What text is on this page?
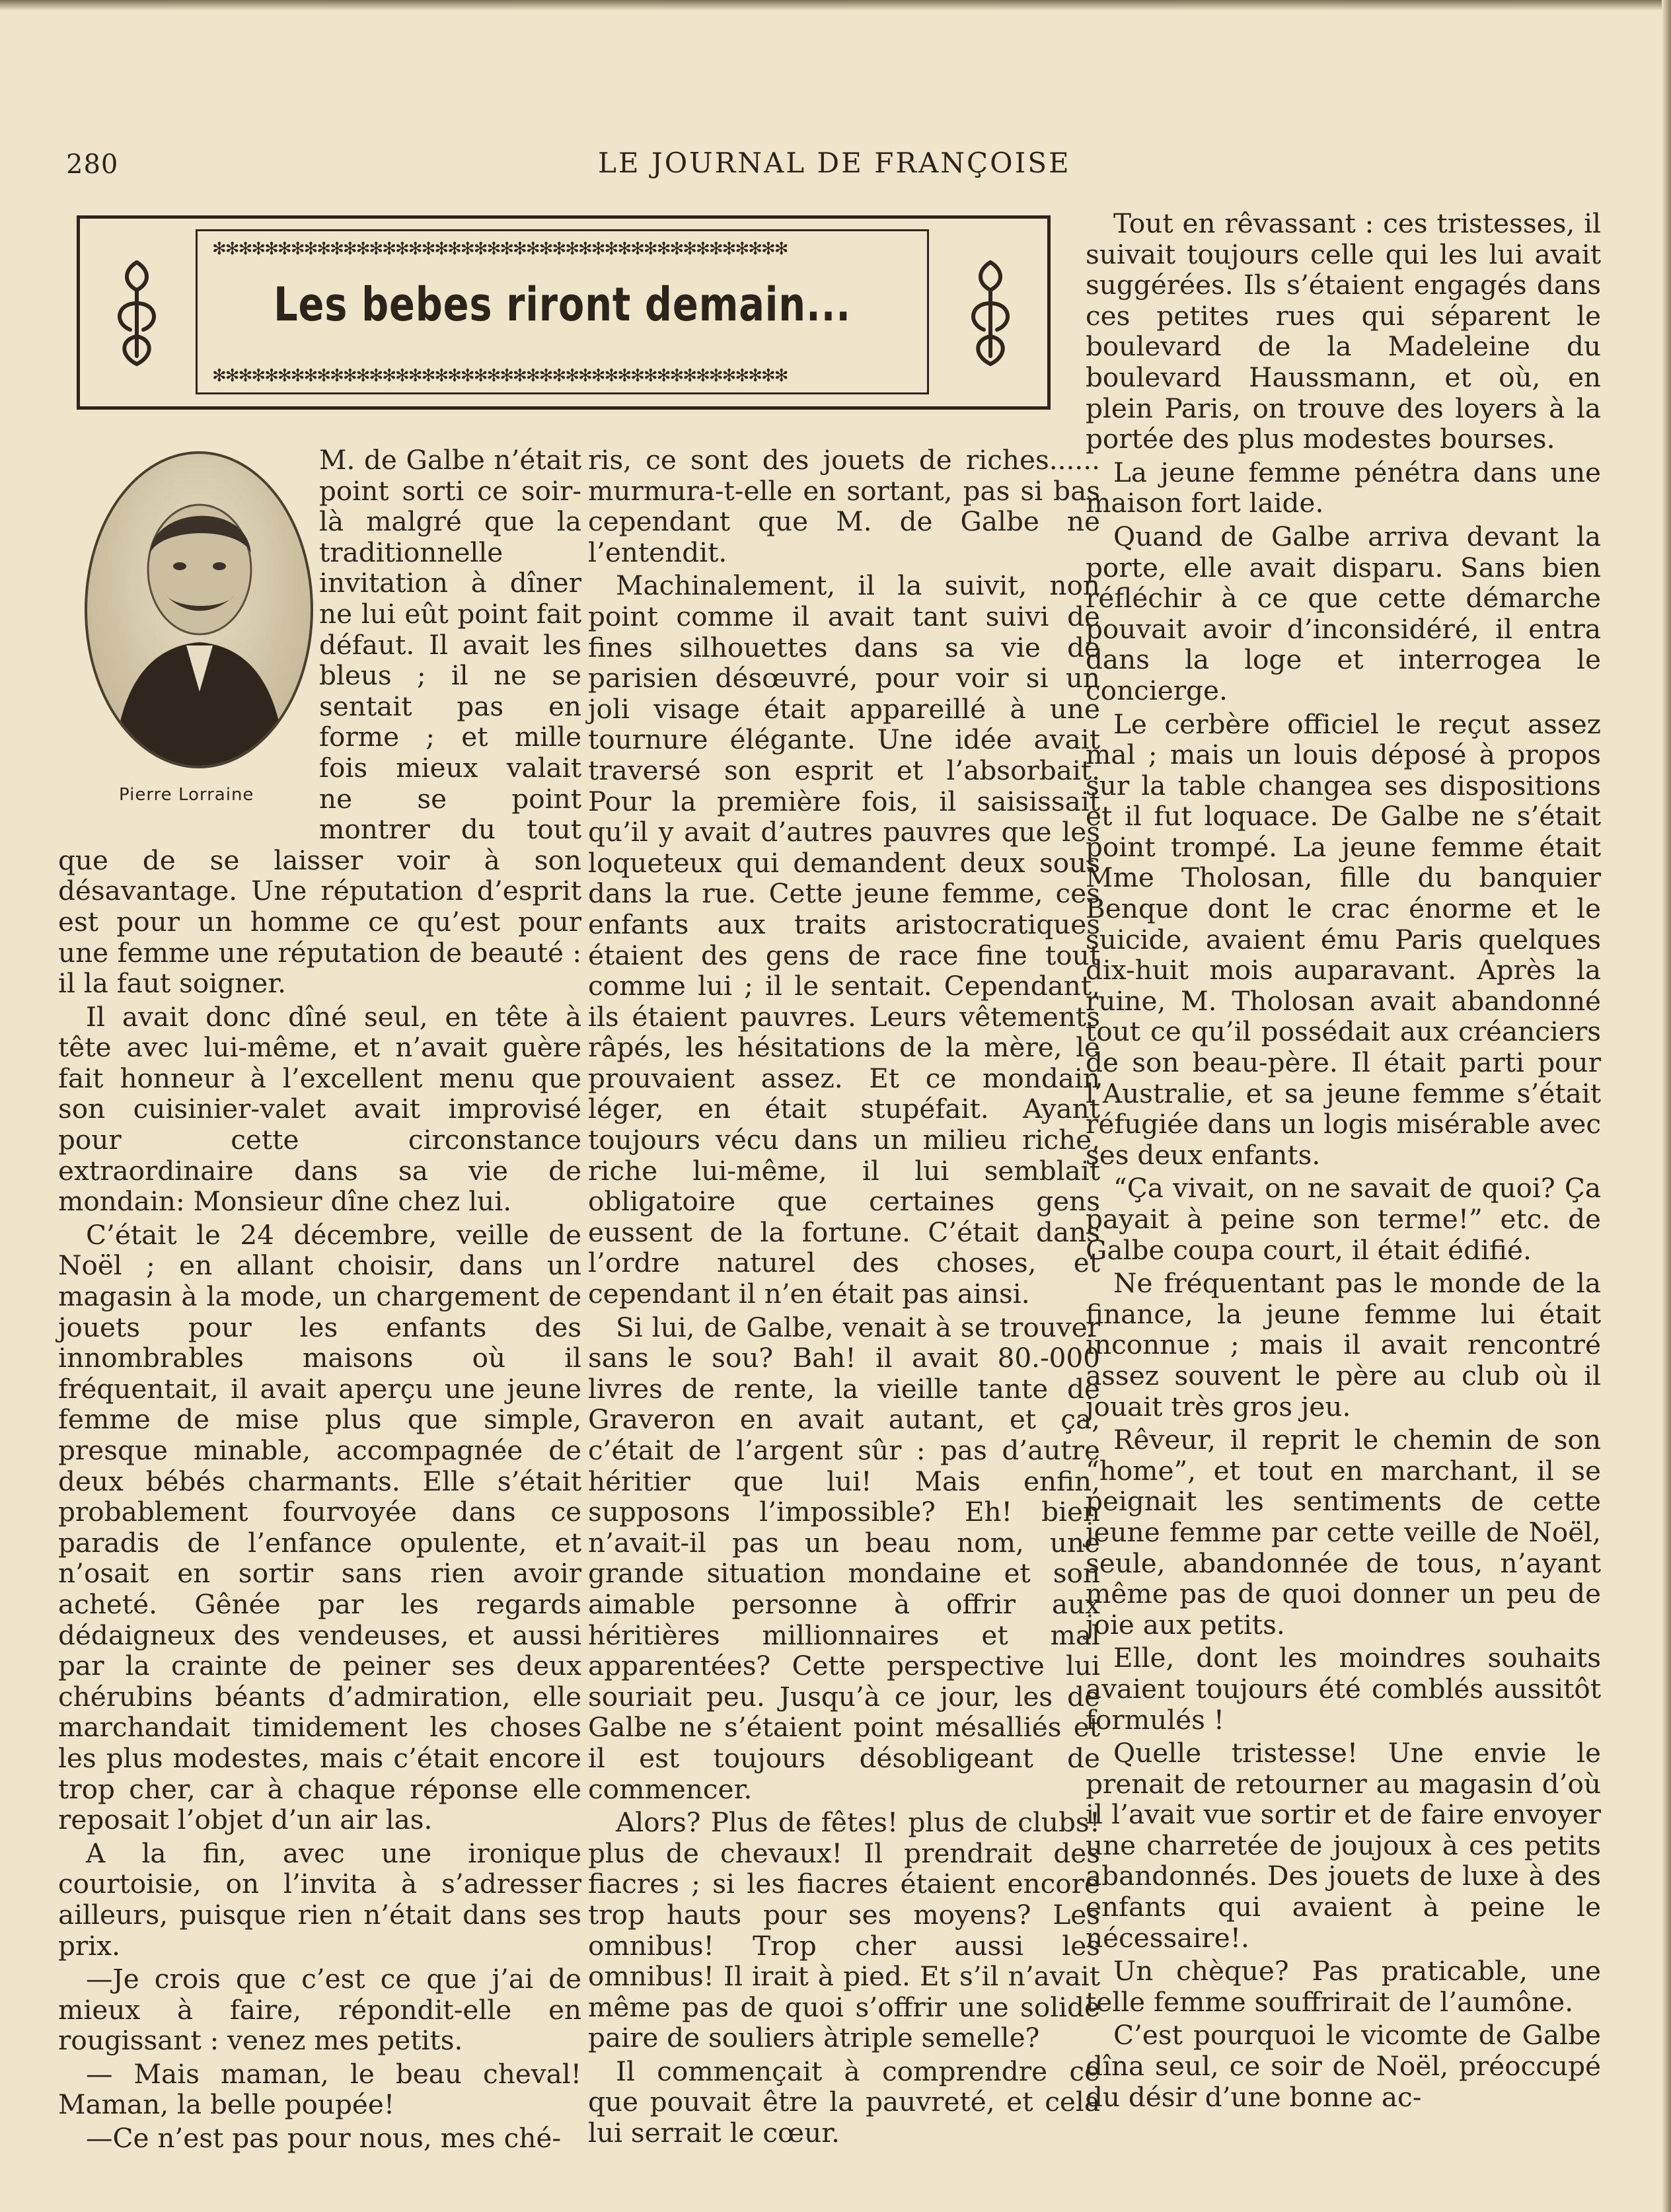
280	LE JOURNAL DE FRANÇOISE
✻✻✻✻✻✻✻✻✻✻✻✻✻✻✻✻✻✻✻✻✻✻✻✻✻✻✻✻✻✻✻✻✻✻✻✻✻✻✻✻✻✻✻✻
Les bebes riront demain...
✻✻✻✻✻✻✻✻✻✻✻✻✻✻✻✻✻✻✻✻✻✻✻✻✻✻✻✻✻✻✻✻✻✻✻✻✻✻✻✻✻✻✻✻
Pierre Lorraine

M. de Galbe n’était point sorti ce soir-là malgré que la traditionnelle invitation à dîner ne lui eût point fait défaut. Il avait les bleus ; il ne se sentait pas en forme ; et mille fois mieux valait ne se point montrer du tout que de se laisser voir à son désavantage. Une réputation d’esprit est pour un homme ce qu’est pour une femme une réputation de beauté : il la faut soigner.

Il avait donc dîné seul, en tête à tête avec lui-même, et n’avait guère fait honneur à l’excellent menu que son cuisinier-valet avait improvisé pour cette circonstance extraordinaire dans sa vie de mondain: Monsieur dîne chez lui.

C’était le 24 décembre, veille de Noël ; en allant choisir, dans un magasin à la mode, un chargement de jouets pour les enfants des innombrables maisons où il fréquentait, il avait aperçu une jeune femme de mise plus que simple, presque minable, accompagnée de deux bébés charmants. Elle s’était probablement fourvoyée dans ce paradis de l’enfance opulente, et n’osait en sortir sans rien avoir acheté. Gênée par les regards dédaigneux des vendeuses, et aussi par la crainte de peiner ses deux chérubins béants d’admiration, elle marchandait timidement les choses les plus modestes, mais c’était encore trop cher, car à chaque réponse elle reposait l’objet d’un air las.

A la fin, avec une ironique courtoisie, on l’invita à s’adresser ailleurs, puisque rien n’était dans ses prix.

—Je crois que c’est ce que j’ai de mieux à faire, répondit-elle en rougissant : venez mes petits.

— Mais maman, le beau cheval! Maman, la belle poupée!

—Ce n’est pas pour nous, mes ché-

ris, ce sont des jouets de riches...... murmura-t-elle en sortant, pas si bas cependant que M. de Galbe ne l’entendit.

Machinalement, il la suivit, non point comme il avait tant suivi de fines silhouettes dans sa vie de parisien désœuvré, pour voir si un joli visage était appareillé à une tournure élégante. Une idée avait traversé son esprit et l’absorbait. Pour la première fois, il saisissait qu’il y avait d’autres pauvres que les loqueteux qui demandent deux sous dans la rue. Cette jeune femme, ces enfants aux traits aristocratiques étaient des gens de race fine tout comme lui ; il le sentait. Cependant, ils étaient pauvres. Leurs vêtements râpés, les hésitations de la mère, le prouvaient assez. Et ce mondain léger, en était stupéfait. Ayant toujours vécu dans un milieu riche, riche lui-même, il lui semblait obligatoire que certaines gens eussent de la fortune. C’était dans l’ordre naturel des choses, et cependant il n’en était pas ainsi.

Si lui, de Galbe, venait à se trouver sans le sou? Bah! il avait 80.-000 livres de rente, la vieille tante de Graveron en avait autant, et ça, c’était de l’argent sûr : pas d’autre héritier que lui! Mais enfin, supposons l’impossible? Eh! bien n’avait-il pas un beau nom, une grande situation mondaine et son aimable personne à offrir aux héritières millionnaires et mal apparentées? Cette perspective lui souriait peu. Jusqu’à ce jour, les de Galbe ne s’étaient point mésalliés et il est toujours désobligeant de commencer.

Alors? Plus de fêtes! plus de clubs! plus de chevaux! Il prendrait des fiacres ; si les fiacres étaient encore trop hauts pour ses moyens? Les omnibus! Trop cher aussi les omnibus! Il irait à pied. Et s’il n’avait même pas de quoi s’offrir une solide paire de souliers àtriple semelle?

Il commençait à comprendre ce que pouvait être la pauvreté, et cela lui serrait le cœur.

Tout en rêvassant : ces tristesses, il suivait toujours celle qui les lui avait suggérées. Ils s’étaient engagés dans ces petites rues qui séparent le boulevard de la Madeleine du boulevard Haussmann, et où, en plein Paris, on trouve des loyers à la portée des plus modestes bourses.

La jeune femme pénétra dans une maison fort laide.

Quand de Galbe arriva devant la porte, elle avait disparu. Sans bien réfléchir à ce que cette démarche pouvait avoir d’inconsidéré, il entra dans la loge et interrogea le concierge.

Le cerbère officiel le reçut assez mal ; mais un louis déposé à propos sur la table changea ses dispositions et il fut loquace. De Galbe ne s’était point trompé. La jeune femme était Mme Tholosan, fille du banquier Benque dont le crac énorme et le suicide, avaient ému Paris quelques dix-huit mois auparavant. Après la ruine, M. Tholosan avait abandonné tout ce qu’il possédait aux créanciers de son beau-père. Il était parti pour l’Australie, et sa jeune femme s’était réfugiée dans un logis misérable avec ses deux enfants.

“Ça vivait, on ne savait de quoi? Ça payait à peine son terme!” etc. de Galbe coupa court, il était édifié.

Ne fréquentant pas le monde de la finance, la jeune femme lui était inconnue ; mais il avait rencontré assez souvent le père au club où il jouait très gros jeu.

Rêveur, il reprit le chemin de son “home”, et tout en marchant, il se peignait les sentiments de cette jeune femme par cette veille de Noël, seule, abandonnée de tous, n’ayant même pas de quoi donner un peu de joie aux petits.

Elle, dont les moindres souhaits avaient toujours été comblés aussitôt formulés !

Quelle tristesse! Une envie le prenait de retourner au magasin d’où il l’avait vue sortir et de faire envoyer une charretée de joujoux à ces petits abandonnés. Des jouets de luxe à des enfants qui avaient à peine le nécessaire!.

Un chèque? Pas praticable, une telle femme souffrirait de l’aumône.

C’est pourquoi le vicomte de Galbe dîna seul, ce soir de Noël, préoccupé du désir d’une bonne ac-
